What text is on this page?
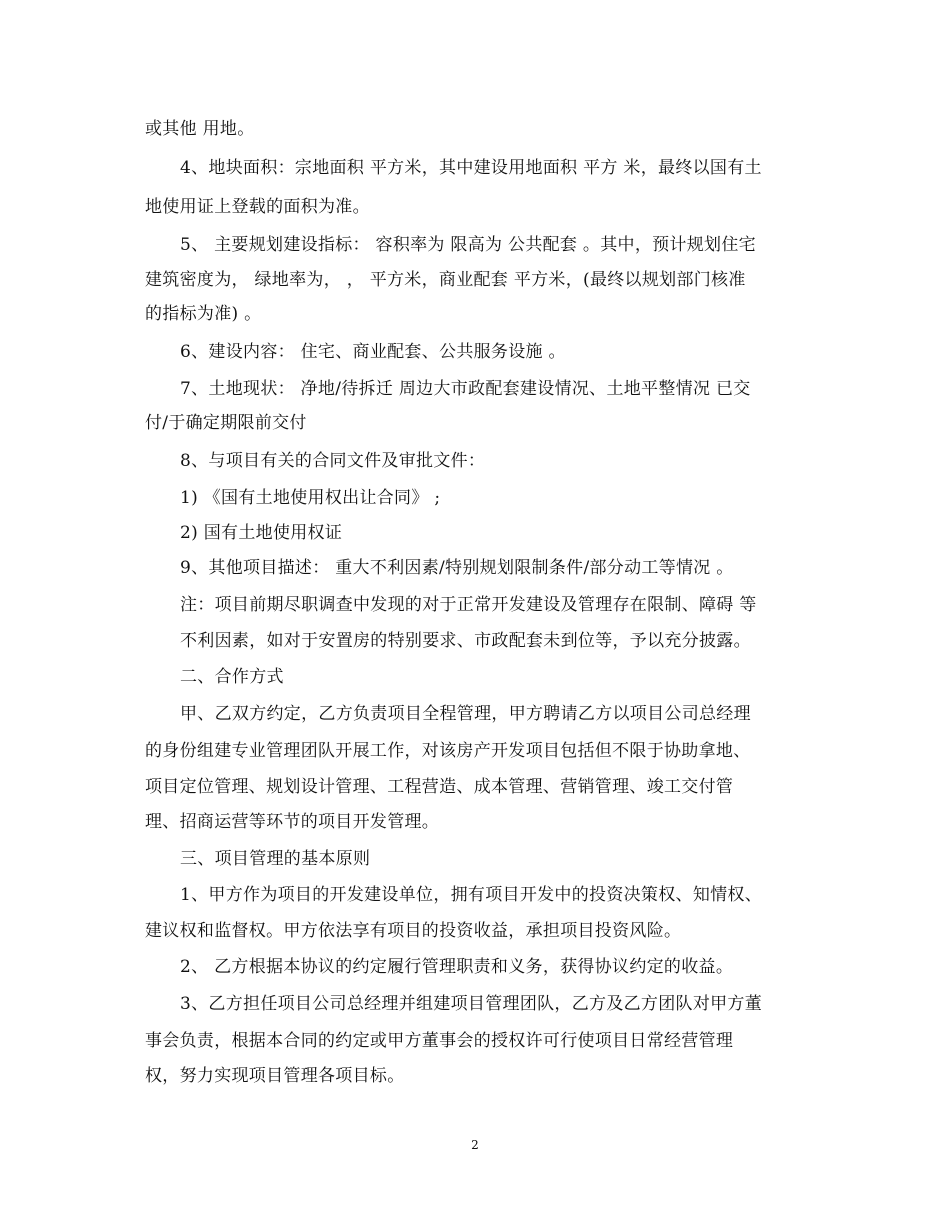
或其他 用地。
4、地块面积：宗地面积 平方米，其中建设用地面积 平方 米，最终以国有土
地使用证上登载的面积为准。
5、 主要规划建设指标： 容积率为 限高为 公共配套 。其中，预计规划住宅
建筑密度为， 绿地率为， ， 平方米，商业配套 平方米，(最终以规划部门核准
的指标为准) 。
6、建设内容： 住宅、商业配套、公共服务设施 。
7、土地现状： 净地/待拆迁 周边大市政配套建设情况、土地平整情况 已交
付/于确定期限前交付
8、与项目有关的合同文件及审批文件：
1) 《国有土地使用权出让合同》 ;
2) 国有土地使用权证
9、其他项目描述： 重大不利因素/特别规划限制条件/部分动工等情况 。
注：项目前期尽职调查中发现的对于正常开发建设及管理存在限制、障碍 等
不利因素，如对于安置房的特别要求、市政配套未到位等，予以充分披露。
二、合作方式
甲、乙双方约定，乙方负责项目全程管理，甲方聘请乙方以项目公司总经理
的身份组建专业管理团队开展工作，对该房产开发项目包括但不限于协助拿地、
项目定位管理、规划设计管理、工程营造、成本管理、营销管理、竣工交付管
理、招商运营等环节的项目开发管理。
三、项目管理的基本原则
1、甲方作为项目的开发建设单位，拥有项目开发中的投资决策权、知情权、
建议权和监督权。甲方依法享有项目的投资收益，承担项目投资风险。
2、 乙方根据本协议的约定履行管理职责和义务，获得协议约定的收益。
3、乙方担任项目公司总经理并组建项目管理团队，乙方及乙方团队对甲方董
事会负责，根据本合同的约定或甲方董事会的授权许可行使项目日常经营管理
权，努力实现项目管理各项目标。
2
